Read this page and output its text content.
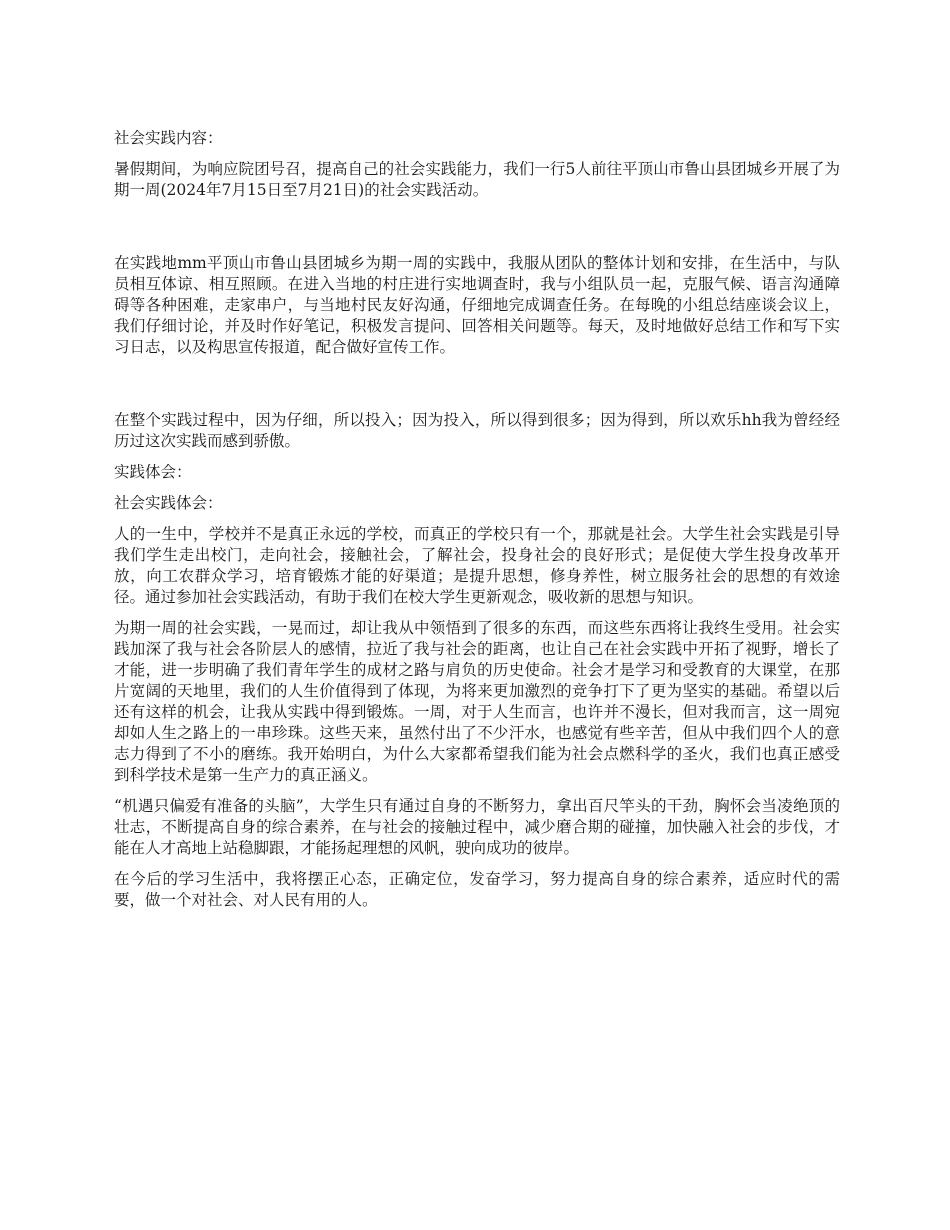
社会实践内容：

暑假期间，为响应院团号召，提高自己的社会实践能力，我们一行5人前往平顶山市鲁山县团城乡开展了为期一周(2024年7月15日至7月21日)的社会实践活动。

在实践地mm平顶山市鲁山县团城乡为期一周的实践中，我服从团队的整体计划和安排，在生活中，与队员相互体谅、相互照顾。在进入当地的村庄进行实地调查时，我与小组队员一起，克服气候、语言沟通障碍等各种困难，走家串户，与当地村民友好沟通，仔细地完成调查任务。在每晚的小组总结座谈会议上，我们仔细讨论，并及时作好笔记，积极发言提问、回答相关问题等。每天，及时地做好总结工作和写下实习日志，以及构思宣传报道，配合做好宣传工作。

在整个实践过程中，因为仔细，所以投入；因为投入，所以得到很多；因为得到，所以欢乐hh我为曾经经历过这次实践而感到骄傲。

实践体会：

社会实践体会：

人的一生中，学校并不是真正永远的学校，而真正的学校只有一个，那就是社会。大学生社会实践是引导我们学生走出校门，走向社会，接触社会，了解社会，投身社会的良好形式；是促使大学生投身改革开放，向工农群众学习，培育锻炼才能的好渠道；是提升思想，修身养性，树立服务社会的思想的有效途径。通过参加社会实践活动，有助于我们在校大学生更新观念，吸收新的思想与知识。

为期一周的社会实践，一晃而过，却让我从中领悟到了很多的东西，而这些东西将让我终生受用。社会实践加深了我与社会各阶层人的感情，拉近了我与社会的距离，也让自己在社会实践中开拓了视野，增长了才能，进一步明确了我们青年学生的成材之路与肩负的历史使命。社会才是学习和受教育的大课堂，在那片宽阔的天地里，我们的人生价值得到了体现，为将来更加激烈的竞争打下了更为坚实的基础。希望以后还有这样的机会，让我从实践中得到锻炼。一周，对于人生而言，也许并不漫长，但对我而言，这一周宛却如人生之路上的一串珍珠。这些天来，虽然付出了不少汗水，也感觉有些辛苦，但从中我们四个人的意志力得到了不小的磨练。我开始明白，为什么大家都希望我们能为社会点燃科学的圣火，我们也真正感受到科学技术是第一生产力的真正涵义。

“机遇只偏爱有准备的头脑”，大学生只有通过自身的不断努力，拿出百尺竿头的干劲，胸怀会当凌绝顶的壮志，不断提高自身的综合素养，在与社会的接触过程中，减少磨合期的碰撞，加快融入社会的步伐，才能在人才高地上站稳脚跟，才能扬起理想的风帆，驶向成功的彼岸。

在今后的学习生活中，我将摆正心态，正确定位，发奋学习，努力提高自身的综合素养，适应时代的需要，做一个对社会、对人民有用的人。
